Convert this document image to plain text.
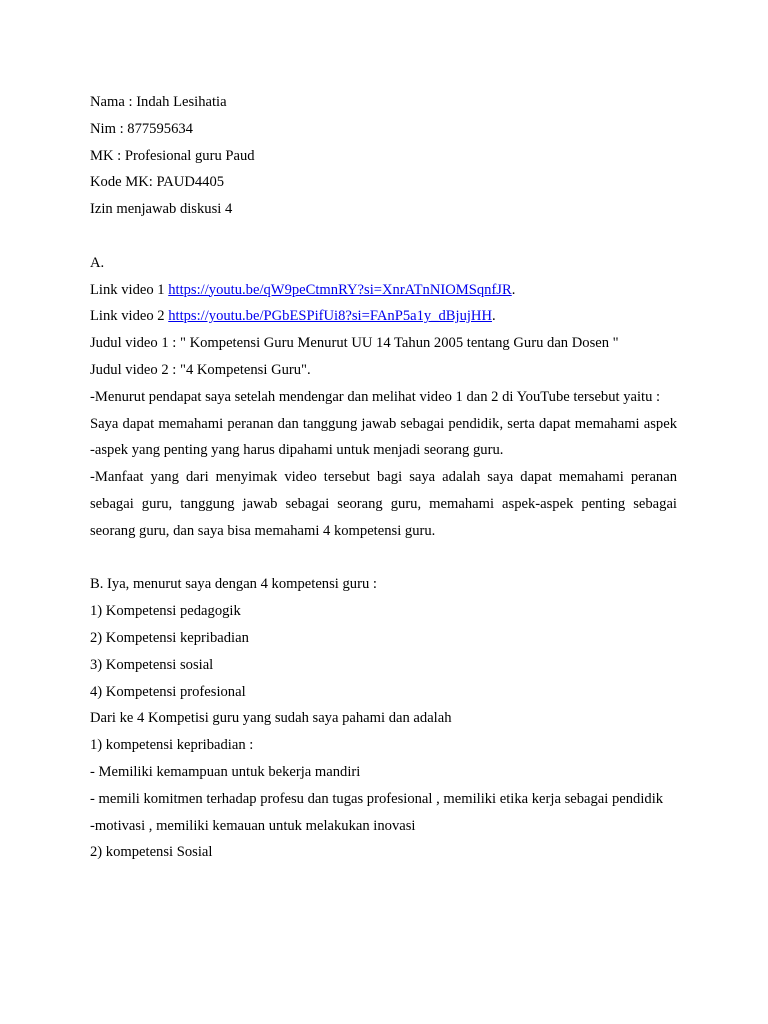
Nama : Indah Lesihatia
Nim : 877595634
MK : Profesional guru Paud
Kode MK: PAUD4405
Izin menjawab diskusi 4
A.
Link video 1 https://youtu.be/qW9peCtmnRY?si=XnrATnNIOMSqnfJR.
Link video 2 https://youtu.be/PGbESPifUi8?si=FAnP5a1y_dBjujHH.
Judul video 1 : " Kompetensi Guru Menurut UU 14 Tahun 2005 tentang Guru dan Dosen "
Judul video 2 : "4 Kompetensi Guru".
-Menurut pendapat saya setelah mendengar dan melihat video 1 dan 2 di YouTube tersebut yaitu :
Saya dapat memahami peranan dan tanggung jawab sebagai pendidik, serta dapat memahami aspek -aspek yang penting yang harus dipahami untuk menjadi seorang guru.
-Manfaat yang dari menyimak video tersebut bagi saya adalah saya dapat memahami peranan sebagai guru, tanggung jawab sebagai seorang guru, memahami aspek-aspek penting sebagai seorang guru, dan saya bisa memahami 4 kompetensi guru.
B. Iya, menurut saya dengan 4 kompetensi guru :
1) Kompetensi pedagogik
2) Kompetensi kepribadian
3) Kompetensi sosial
4) Kompetensi profesional
Dari ke 4 Kompetisi guru yang sudah saya pahami dan adalah
1) kompetensi kepribadian :
- Memiliki kemampuan untuk bekerja mandiri
- memili komitmen terhadap profesu dan tugas profesional , memiliki etika kerja sebagai pendidik
-motivasi , memiliki kemauan untuk melakukan inovasi
2) kompetensi Sosial
